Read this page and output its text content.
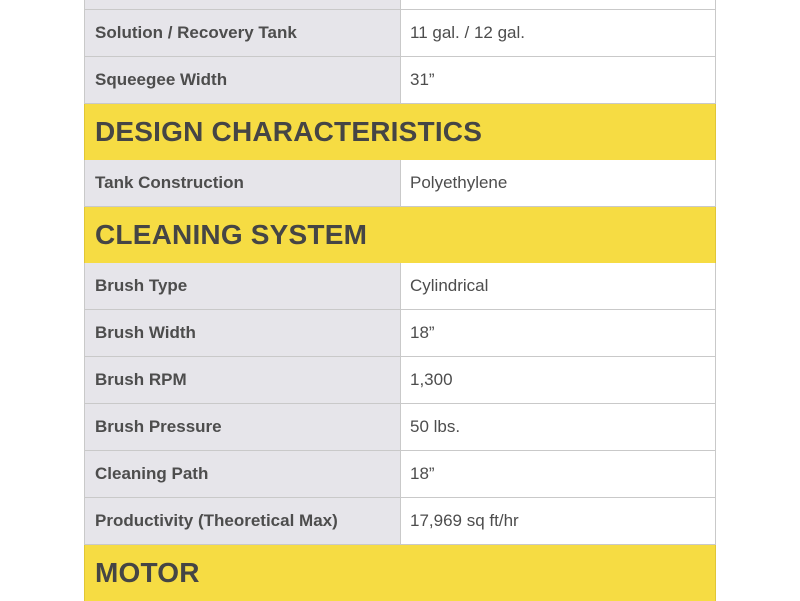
Solution / Recovery Tank	11 gal. / 12 gal.
Squeegee Width	31”
DESIGN CHARACTERISTICS
Tank Construction	Polyethylene
CLEANING SYSTEM
Brush Type	Cylindrical
Brush Width	18”
Brush RPM	1,300
Brush Pressure	50 lbs.
Cleaning Path	18”
Productivity (Theoretical Max)	17,969 sq ft/hr
MOTOR
